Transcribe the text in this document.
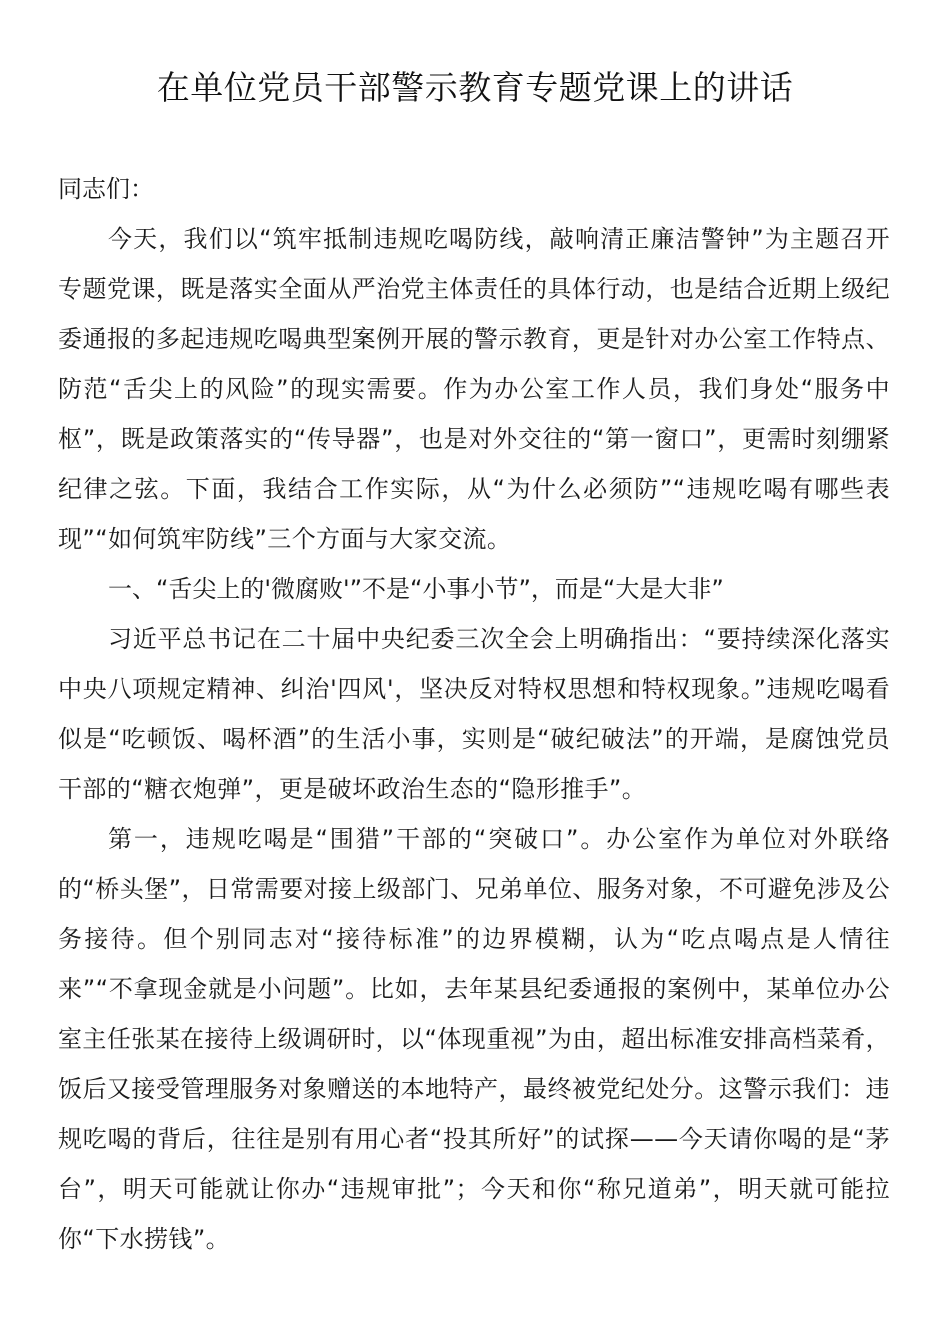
在单位党员干部警示教育专题党课上的讲话

同志们：

今天，我们以“筑牢抵制违规吃喝防线，敲响清正廉洁警钟”为主题召开专题党课，既是落实全面从严治党主体责任的具体行动，也是结合近期上级纪委通报的多起违规吃喝典型案例开展的警示教育，更是针对办公室工作特点、防范“舌尖上的风险”的现实需要。作为办公室工作人员，我们身处“服务中枢”，既是政策落实的“传导器”，也是对外交往的“第一窗口”，更需时刻绷紧纪律之弦。下面，我结合工作实际，从“为什么必须防”“违规吃喝有哪些表现”“如何筑牢防线”三个方面与大家交流。

一、“舌尖上的'微腐败'”不是“小事小节”，而是“大是大非”

习近平总书记在二十届中央纪委三次全会上明确指出：“要持续深化落实中央八项规定精神、纠治'四风'，坚决反对特权思想和特权现象。”违规吃喝看似是“吃顿饭、喝杯酒”的生活小事，实则是“破纪破法”的开端，是腐蚀党员干部的“糖衣炮弹”，更是破坏政治生态的“隐形推手”。

第一，违规吃喝是“围猎”干部的“突破口”。办公室作为单位对外联络的“桥头堡”，日常需要对接上级部门、兄弟单位、服务对象，不可避免涉及公务接待。但个别同志对“接待标准”的边界模糊，认为“吃点喝点是人情往来”“不拿现金就是小问题”。比如，去年某县纪委通报的案例中，某单位办公室主任张某在接待上级调研时，以“体现重视”为由，超出标准安排高档菜肴，饭后又接受管理服务对象赠送的本地特产，最终被党纪处分。这警示我们：违规吃喝的背后，往往是别有用心者“投其所好”的试探——今天请你喝的是“茅台”，明天可能就让你办“违规审批”；今天和你“称兄道弟”，明天就可能拉你“下水捞钱”。
